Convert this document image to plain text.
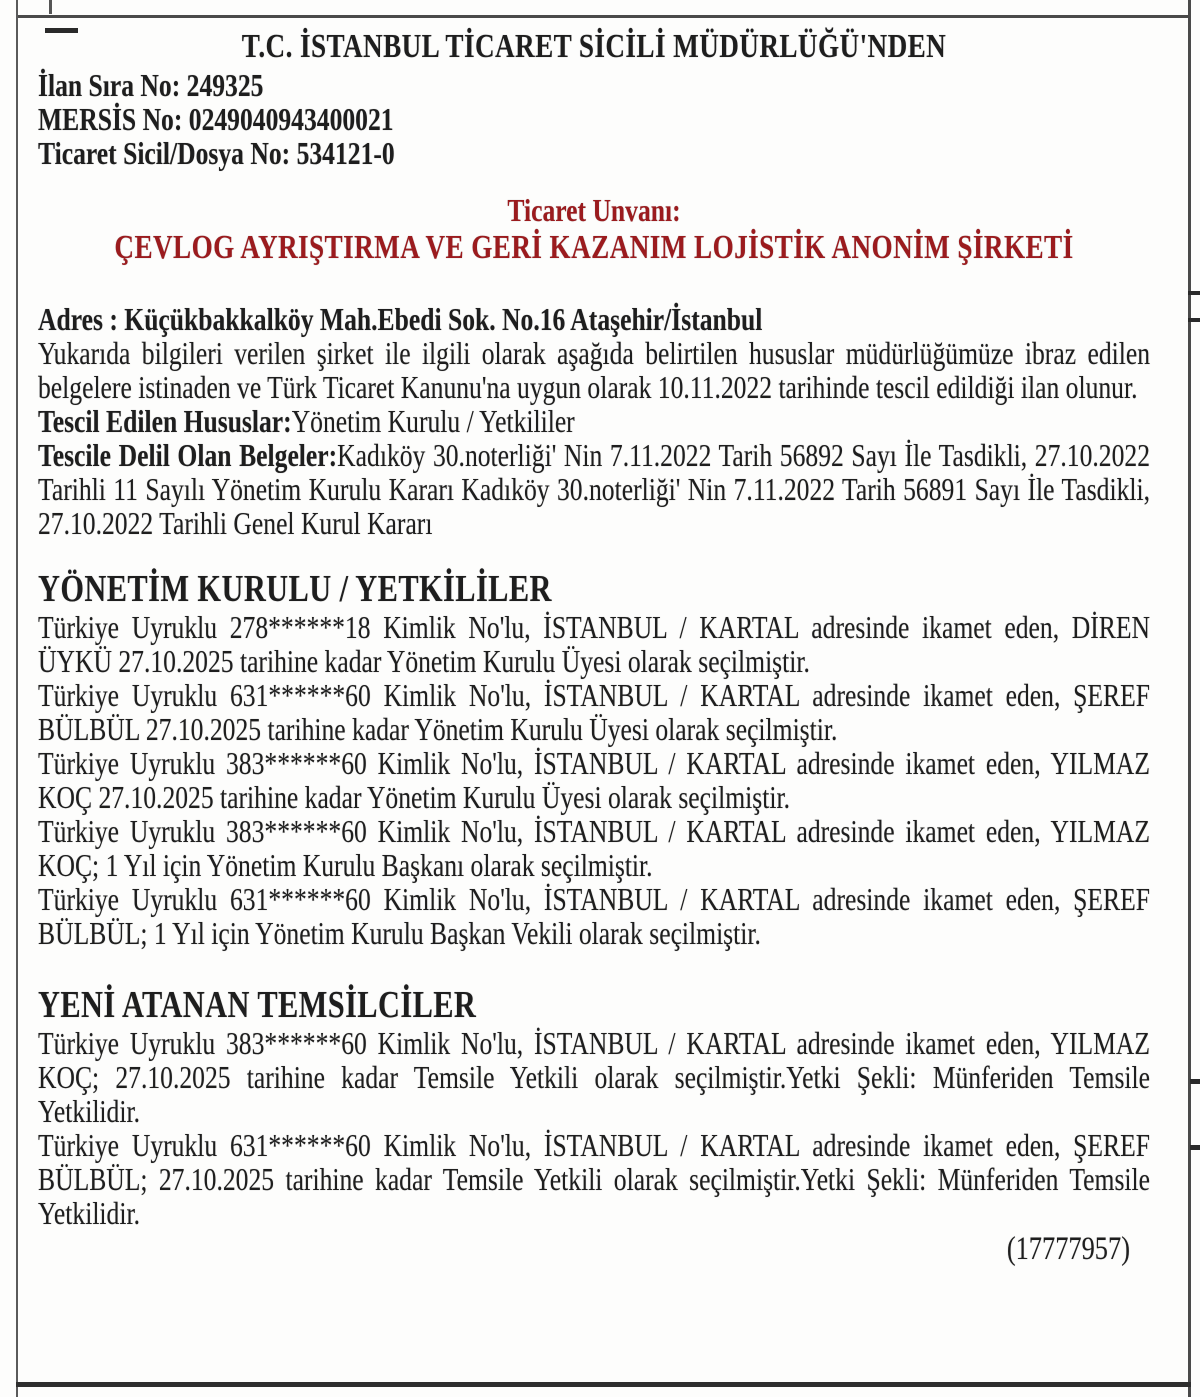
T.C. İSTANBUL TİCARET SİCİLİ MÜDÜRLÜĞÜ'NDEN
İlan Sıra No: 249325
MERSİS No: 0249040943400021
Ticaret Sicil/Dosya No: 534121-0
Ticaret Unvanı:
ÇEVLOG AYRIŞTIRMA VE GERİ KAZANIM LOJİSTİK ANONİM ŞİRKETİ
Adres : Küçükbakkalköy Mah.Ebedi Sok. No.16 Ataşehir/İstanbul

Yukarıda bilgileri verilen şirket ile ilgili olarak aşağıda belirtilen hususlar müdürlüğümüze ibraz edilen belgelere istinaden ve Türk Ticaret Kanunu'na uygun olarak 10.11.2022 tarihinde tescil edildiği ilan olunur.

Tescil Edilen Hususlar:Yönetim Kurulu / Yetkililer

Tescile Delil Olan Belgeler:Kadıköy 30.noterliği' Nin 7.11.2022 Tarih 56892 Sayı İle Tasdikli, 27.10.2022 Tarihli 11 Sayılı Yönetim Kurulu Kararı Kadıköy 30.noterliği' Nin 7.11.2022 Tarih 56891 Sayı İle Tasdikli, 27.10.2022 Tarihli Genel Kurul Kararı

YÖNETİM KURULU / YETKİLİLER

Türkiye Uyruklu 278******18 Kimlik No'lu, İSTANBUL / KARTAL adresinde ikamet eden, DİREN ÜYKÜ 27.10.2025 tarihine kadar Yönetim Kurulu Üyesi olarak seçilmiştir.

Türkiye Uyruklu 631******60 Kimlik No'lu, İSTANBUL / KARTAL adresinde ikamet eden, ŞEREF BÜLBÜL 27.10.2025 tarihine kadar Yönetim Kurulu Üyesi olarak seçilmiştir.

Türkiye Uyruklu 383******60 Kimlik No'lu, İSTANBUL / KARTAL adresinde ikamet eden, YILMAZ KOÇ 27.10.2025 tarihine kadar Yönetim Kurulu Üyesi olarak seçilmiştir.

Türkiye Uyruklu 383******60 Kimlik No'lu, İSTANBUL / KARTAL adresinde ikamet eden, YILMAZ KOÇ; 1 Yıl için Yönetim Kurulu Başkanı olarak seçilmiştir.

Türkiye Uyruklu 631******60 Kimlik No'lu, İSTANBUL / KARTAL adresinde ikamet eden, ŞEREF BÜLBÜL; 1 Yıl için Yönetim Kurulu Başkan Vekili olarak seçilmiştir.

YENİ ATANAN TEMSİLCİLER

Türkiye Uyruklu 383******60 Kimlik No'lu, İSTANBUL / KARTAL adresinde ikamet eden, YILMAZ KOÇ; 27.10.2025 tarihine kadar Temsile Yetkili olarak seçilmiştir.Yetki Şekli: Münferiden Temsile Yetkilidir.

Türkiye Uyruklu 631******60 Kimlik No'lu, İSTANBUL / KARTAL adresinde ikamet eden, ŞEREF BÜLBÜL; 27.10.2025 tarihine kadar Temsile Yetkili olarak seçilmiştir.Yetki Şekli: Münferiden Temsile Yetkilidir.

(17777957)
